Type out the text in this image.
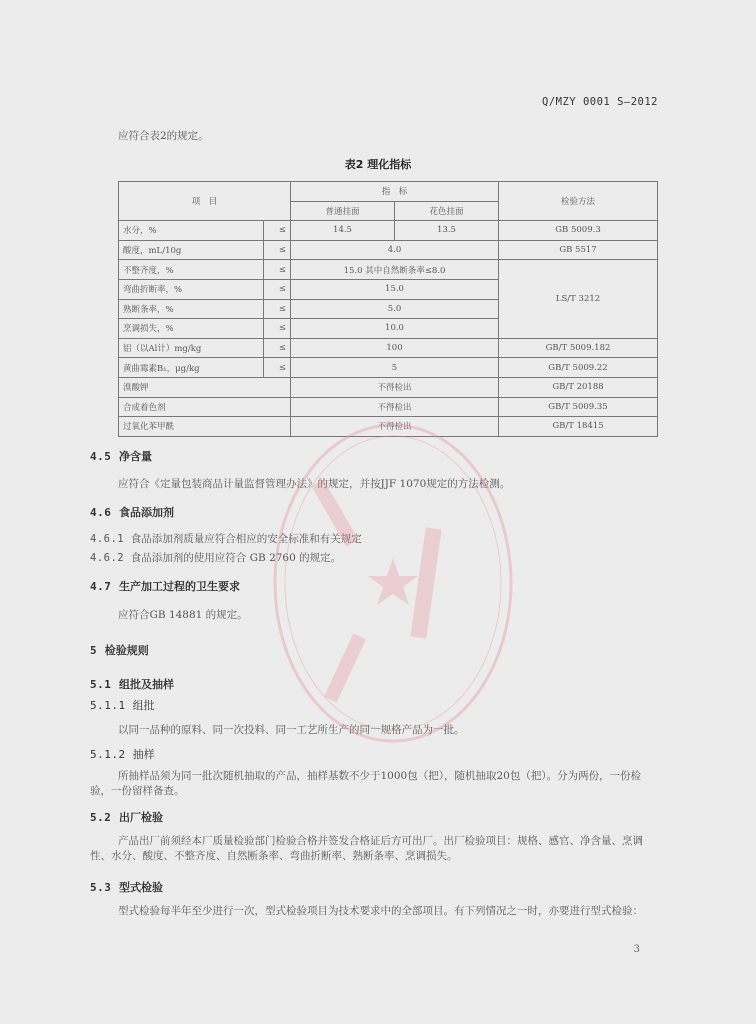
Q/MZY 0001 S—2012
应符合表2的规定。
表2 理化指标
项　目		指　标		检验方法
		普通挂面	花色挂面	
水分，%	≤	14.5	13.5	GB 5009.3
酸度，mL/10g	≤	4.0		GB 5517
不整齐度，%	≤	15.0 其中自然断条率≤8.0		LS/T 3212
弯曲折断率，%	≤	15.0		
熟断条率，%	≤	5.0		
烹调损失，%	≤	10.0		
铝（以Al计）mg/kg	≤	100		GB/T 5009.182
黄曲霉素B₁，μg/kg	≤	5		GB/T 5009.22
溴酸钾		不得检出		GB/T 20188
合成着色剂		不得检出		GB/T 5009.35
过氧化苯甲酰		不得检出		GB/T 18415
4.5 净含量
应符合《定量包装商品计量监督管理办法》的规定，并按JJF 1070规定的方法检测。
4.6 食品添加剂
4.6.1 食品添加剂质量应符合相应的安全标准和有关规定
4.6.2 食品添加剂的使用应符合 GB 2760 的规定。
4.7 生产加工过程的卫生要求
应符合GB 14881 的规定。
5 检验规则
5.1 组批及抽样
5.1.1 组批
以同一品种的原料、同一次投料、同一工艺所生产的同一规格产品为一批。
5.1.2 抽样
所抽样品须为同一批次随机抽取的产品，抽样基数不少于1000包（把），随机抽取20包（把）。分为两份，一份检验，一份留样备查。
5.2 出厂检验
产品出厂前须经本厂质量检验部门检验合格并签发合格证后方可出厂。出厂检验项目：规格、感官、净含量、烹调性、水分、酸度、不整齐度、自然断条率、弯曲折断率、熟断条率、烹调损失。
5.3 型式检验
型式检验每半年至少进行一次，型式检验项目为技术要求中的全部项目。有下列情况之一时，亦要进行型式检验：
3
